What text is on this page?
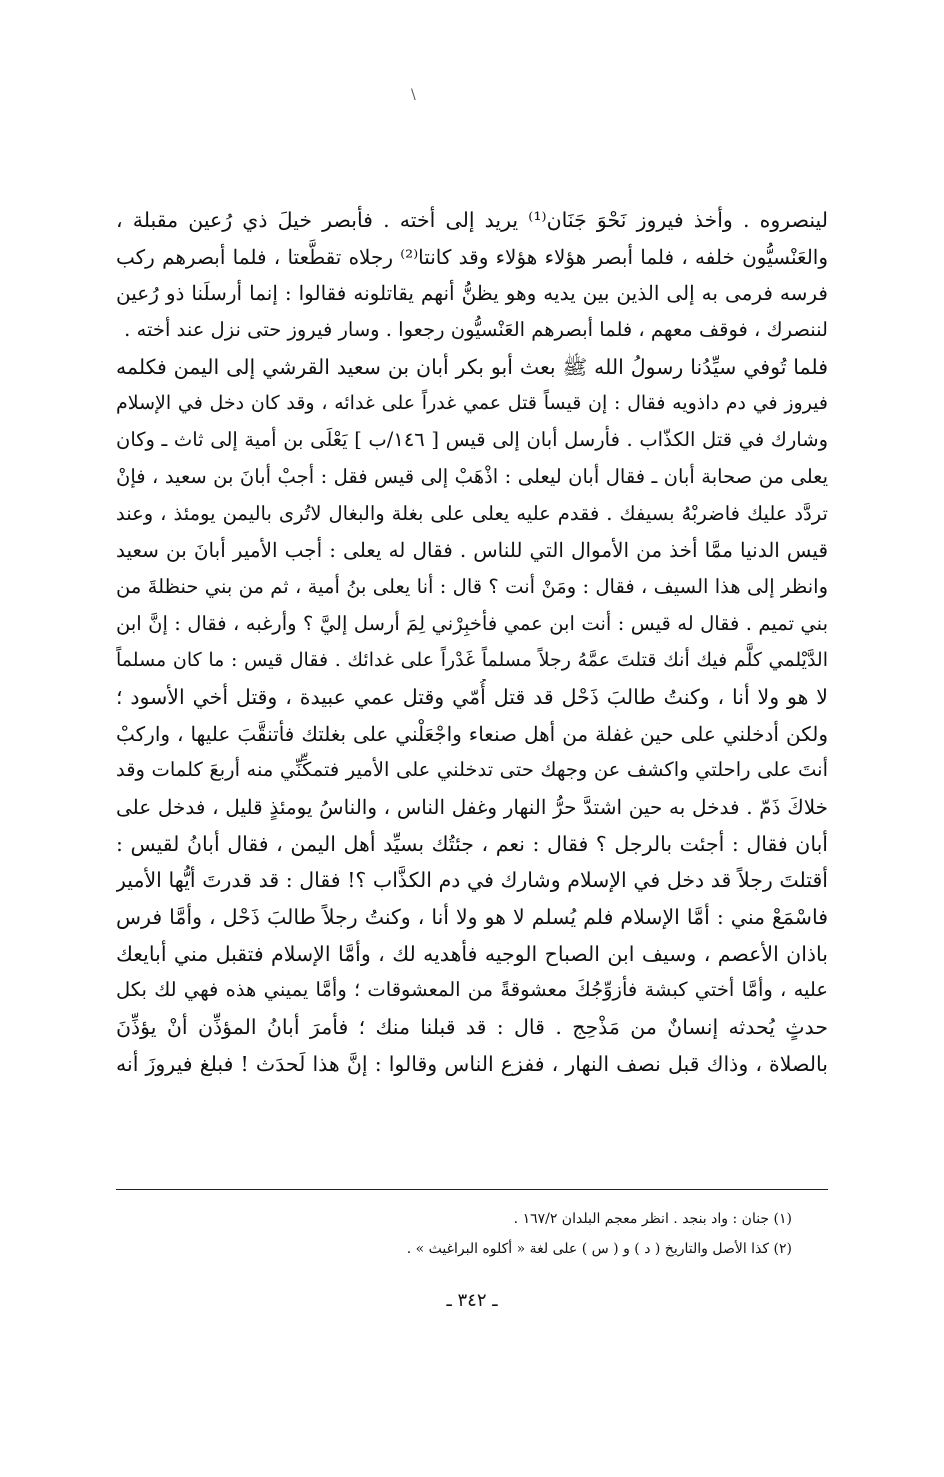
\
لينصروه . وأخذ فيروز نَحْوَ جَنَان⁽¹⁾ يريد إلى أخته . فأبصر خيلَ ذي رُعين مقبلة ،
والعَنْسيُّون خلفه ، فلما أبصر هؤلاء هؤلاء وقد كانتا⁽²⁾ رجلاه تقطَّعتا ، فلما أبصرهم ركب
فرسه فرمى به إلى الذين بين يديه وهو يظنُّ أنهم يقاتلونه فقالوا : إنما أرسلَنا ذو رُعين
لننصرك ، فوقف معهم ، فلما أبصرهم العَنْسيُّون رجعوا . وسار فيروز حتى نزل عند أخته .
فلما تُوفي سيِّدُنا رسولُ الله ﷺ بعث أبو بكر أبان بن سعيد القرشي إلى اليمن فكلمه
فيروز في دم داذويه فقال : إن قيساً قتل عمي غدراً على غدائه ، وقد كان دخل في الإسلام
وشارك في قتل الكذّاب . فأرسل أبان إلى قيس [ ١٤٦/ب ] يَعْلَى بن أمية إلى ثاث ـ وكان
يعلى من صحابة أبان ـ فقال أبان ليعلى : اذْهَبْ إلى قيس فقل : أجبْ أبانَ بن سعيد ، فإنْ
تردَّد عليك فاضربْهُ بسيفك . فقدم عليه يعلى على بغلة والبغال لاتُرى باليمن يومئذ ، وعند
قيس الدنيا ممَّا أخذ من الأموال التي للناس . فقال له يعلى : أجب الأمير أبانَ بن سعيد
وانظر إلى هذا السيف ، فقال : ومَنْ أنت ؟ قال : أنا يعلى بنُ أمية ، ثم من بني حنظلةَ من
بني تميم . فقال له قيس : أنت ابن عمي فأخبِرْني لِمَ أرسل إليَّ ؟ وأرغبه ، فقال : إنَّ ابن
الدَّيْلمي كلَّم فيك أنك قتلتَ عمَّهُ رجلاً مسلماً غَدْراً على غدائك . فقال قيس : ما كان مسلماً
لا هو ولا أنا ، وكنتُ طالبَ ذَحْل قد قتل أُمّي وقتل عمي عبيدة ، وقتل أخي الأسود ؛
ولكن أدخلني على حين غفلة من أهل صنعاء واجْعَلْني على بغلتك فأتنقَّبَ عليها ، واركبْ
أنتَ على راحلتي واكشف عن وجهك حتى تدخلني على الأمير فتمكِّنِّي منه أربعَ كلمات وقد
خلاكَ ذَمّ . فدخل به حين اشتدَّ حرُّ النهار وغفل الناس ، والناسُ يومئذٍ قليل ، فدخل على
أبان فقال : أجئت بالرجل ؟ فقال : نعم ، جئتُك بسيِّد أهل اليمن ، فقال أبانُ لقيس :
أقتلتَ رجلاً قد دخل في الإسلام وشارك في دم الكذَّاب ؟! فقال : قد قدرتَ أيُّها الأمير
فاسْمَعْ مني : أمَّا الإسلام فلم يُسلم لا هو ولا أنا ، وكنتُ رجلاً طالبَ ذَحْل ، وأمَّا فرس
باذان الأعصم ، وسيف ابن الصباح الوجيه فأهديه لك ، وأمَّا الإسلام فتقبل مني أبايعك
عليه ، وأمَّا أختي كبشة فأزوِّجُكَ معشوقةً من المعشوقات ؛ وأمَّا يميني هذه فهي لك بكل
حدثٍ يُحدثه إنسانٌ من مَذْحِج . قال : قد قبلنا منك ؛ فأمرَ أبانُ المؤذِّن أنْ يؤذِّنَ
بالصلاة ، وذاك قبل نصف النهار ، ففزع الناس وقالوا : إنَّ هذا لَحدَث ! فبلغ فيروزَ أنه
(١) جنان : واد بنجد . انظر معجم البلدان ١٦٧/٢ .
(٢) كذا الأصل والتاريخ ( د ) و ( س ) على لغة « أكلوه البراغيث » .
ـ ٣٤٢ ـ
